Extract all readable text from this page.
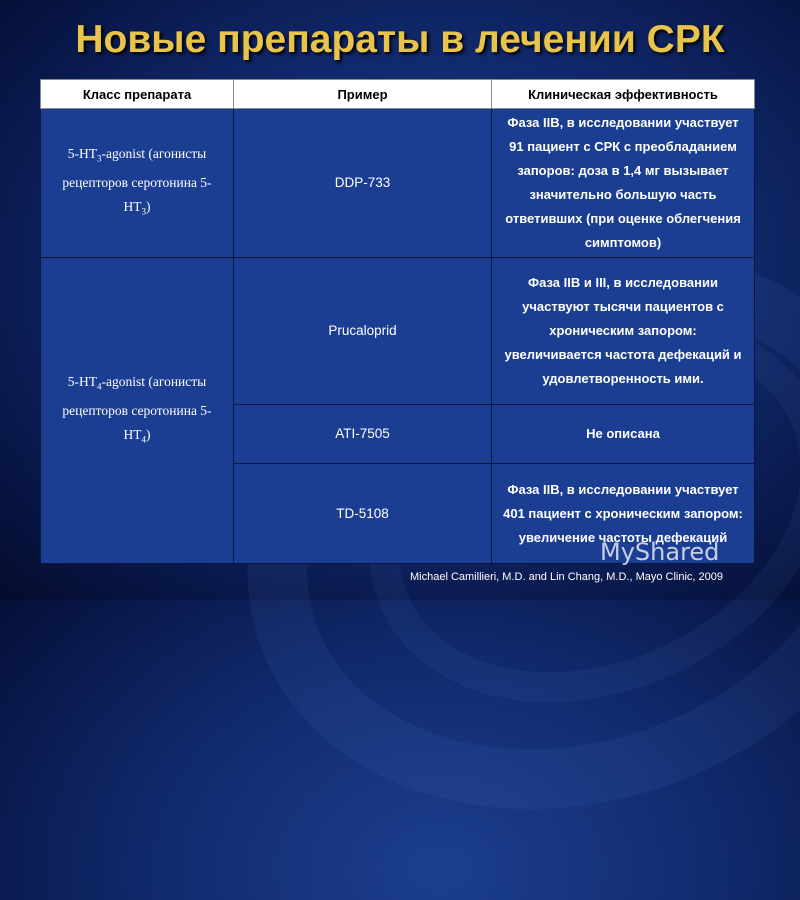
Новые препараты в лечении СРК
Класс препарата	Пример	Клиническая эффективность
$5-HT_3$-agonist (агонисты рецепторов серотонина $5-HT_3$)	DDP-733	Фаза IIВ, в исследовании участвует 91 пациент с СРК с преобладанием запоров: доза в 1,4 мг вызывает значительно большую часть ответивших (при оценке облегчения симптомов)
$5-HT_4$-agonist (агонисты рецепторов серотонина $5-HT_4$)	Prucaloprid	Фаза IIВ и III, в исследовании участвуют тысячи пациентов с хроническим запором: увеличивается частота дефекаций и удовлетворенность ими.
	ATI-7505	Не описана
	TD-5108	Фаза IIВ, в исследовании участвует 401 пациент с хроническим запором: увеличение частоты дефекаций
MyShared
Michael Camillieri, M.D. and Lin Chang, M.D., Mayo Clinic, 2009
